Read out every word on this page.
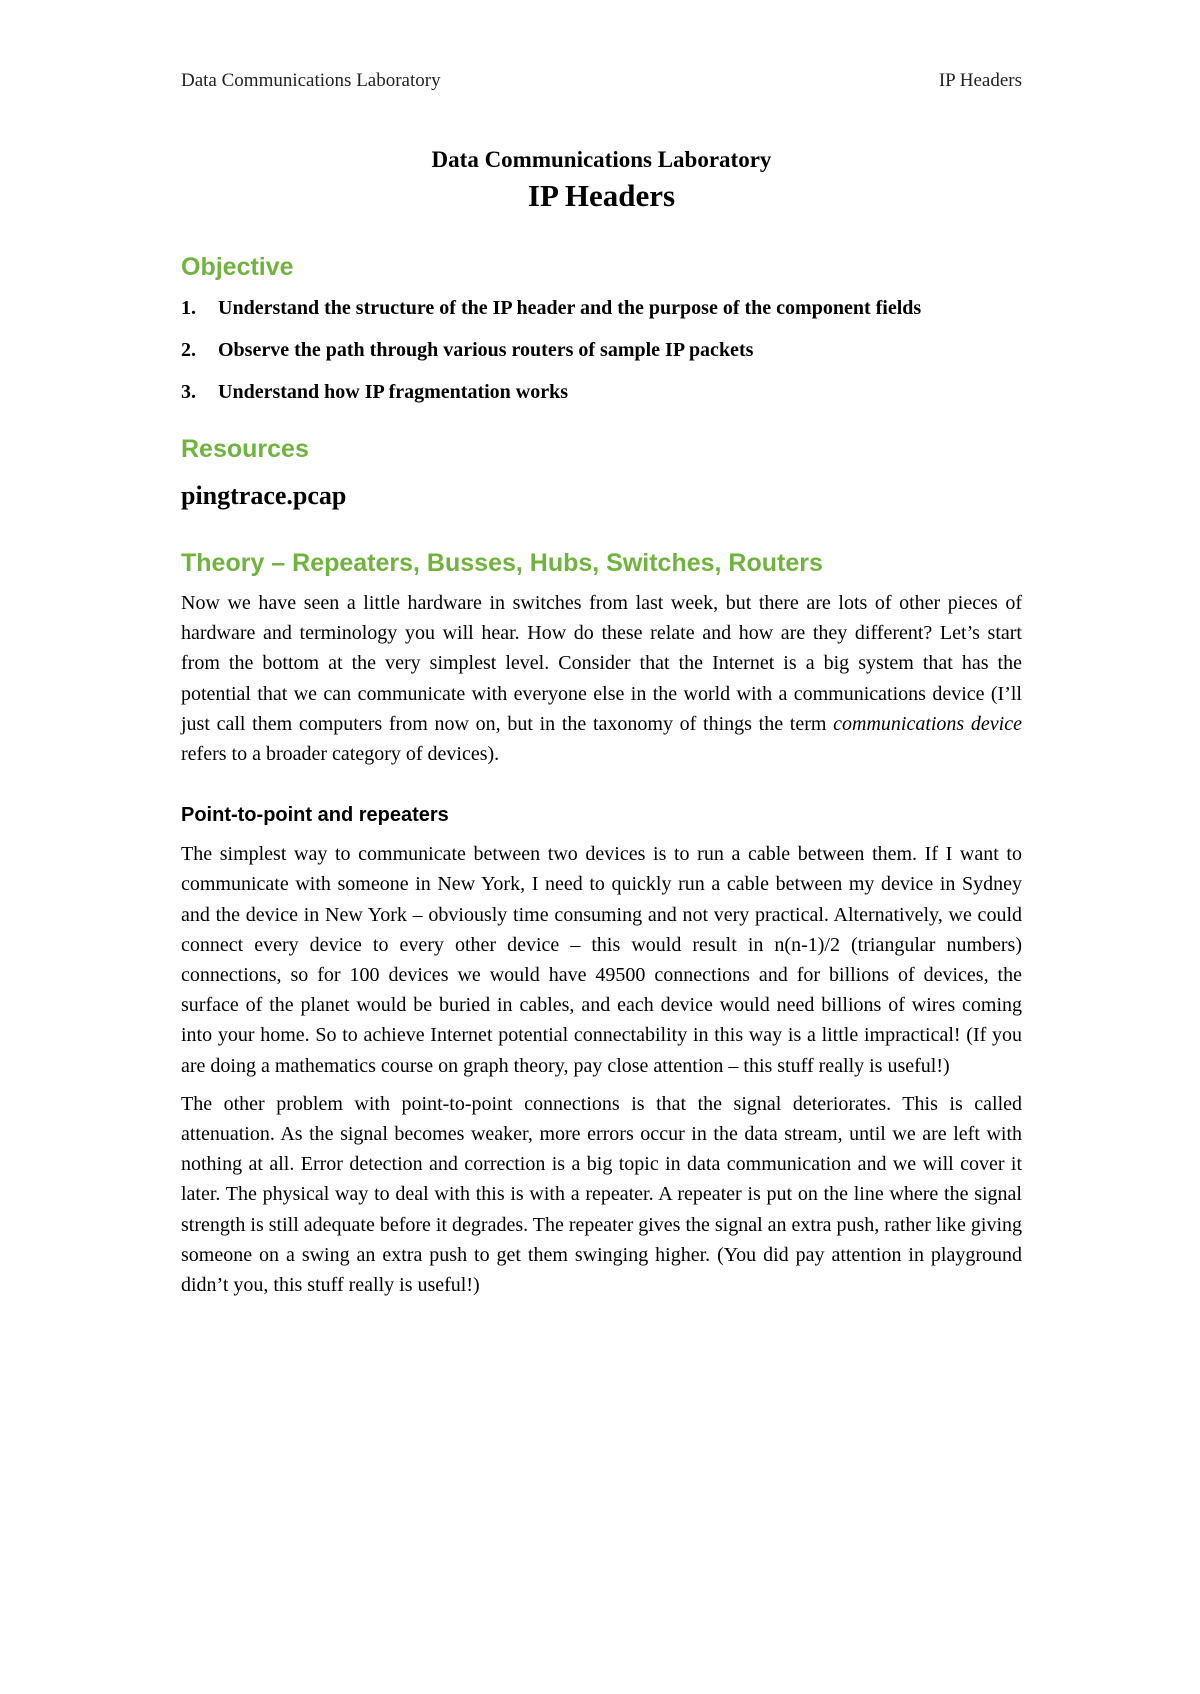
Data Communications Laboratory	IP Headers

Data Communications Laboratory

IP Headers

Objective
1.	Understand the structure of the IP header and the purpose of the component fields
2.	Observe the path through various routers of sample IP packets
3.	Understand how IP fragmentation works
Resources

pingtrace.pcap

Theory – Repeaters, Busses, Hubs, Switches, Routers

Now we have seen a little hardware in switches from last week, but there are lots of other pieces of hardware and terminology you will hear. How do these relate and how are they different? Let’s start from the bottom at the very simplest level. Consider that the Internet is a big system that has the potential that we can communicate with everyone else in the world with a communications device (I’ll just call them computers from now on, but in the taxonomy of things the term communications device refers to a broader category of devices).

Point-to-point and repeaters

The simplest way to communicate between two devices is to run a cable between them. If I want to communicate with someone in New York, I need to quickly run a cable between my device in Sydney and the device in New York – obviously time consuming and not very practical. Alternatively, we could connect every device to every other device – this would result in n(n-1)/2 (triangular numbers) connections, so for 100 devices we would have 49500 connections and for billions of devices, the surface of the planet would be buried in cables, and each device would need billions of wires coming into your home. So to achieve Internet potential connectability in this way is a little impractical! (If you are doing a mathematics course on graph theory, pay close attention – this stuff really is useful!)

The other problem with point-to-point connections is that the signal deteriorates. This is called attenuation. As the signal becomes weaker, more errors occur in the data stream, until we are left with nothing at all. Error detection and correction is a big topic in data communication and we will cover it later. The physical way to deal with this is with a repeater. A repeater is put on the line where the signal strength is still adequate before it degrades. The repeater gives the signal an extra push, rather like giving someone on a swing an extra push to get them swinging higher. (You did pay attention in playground didn’t you, this stuff really is useful!)
